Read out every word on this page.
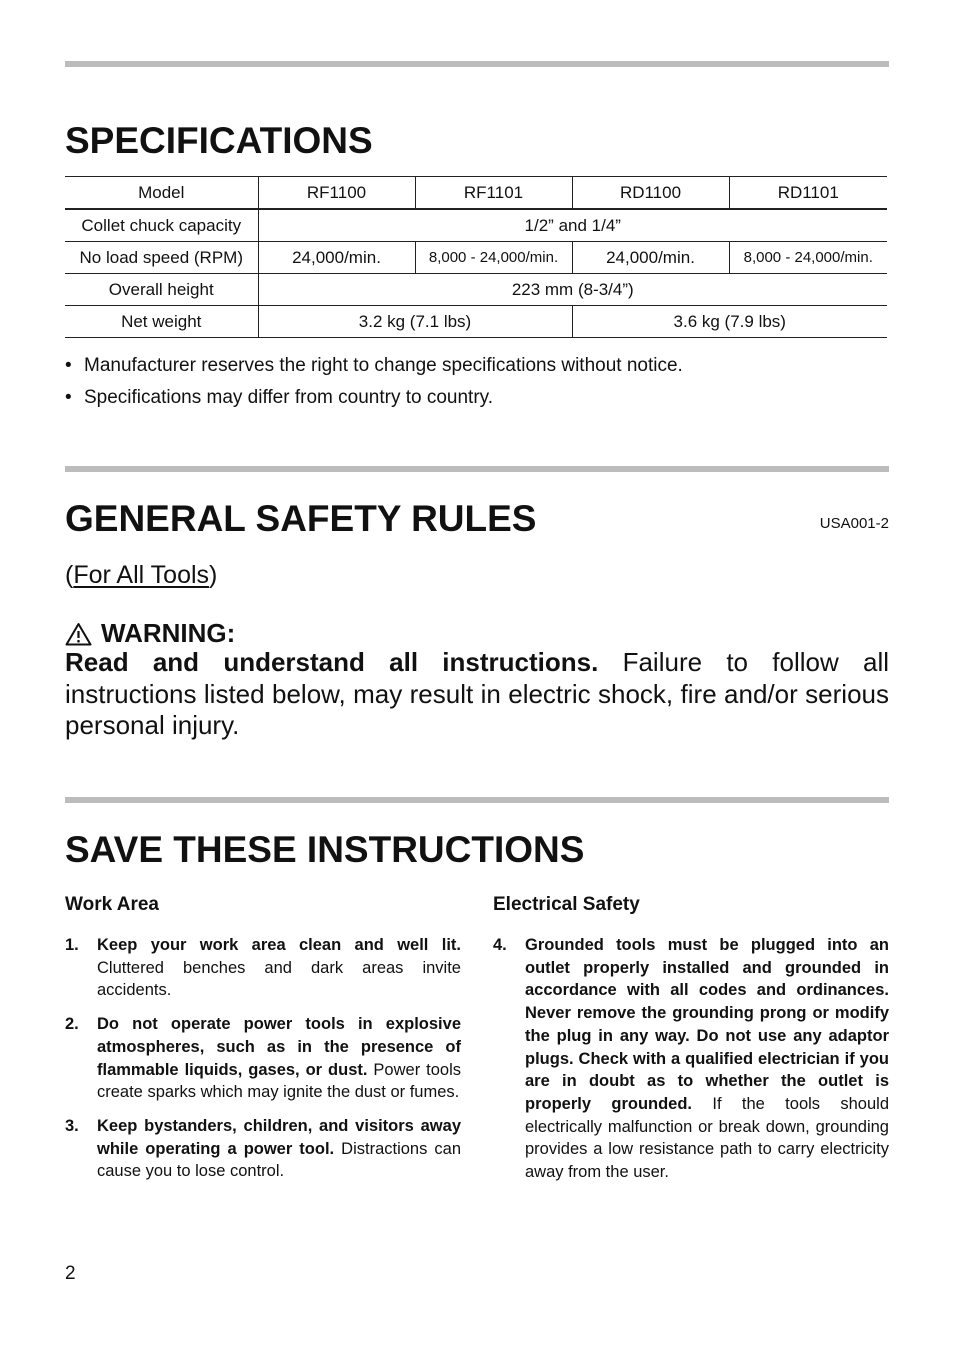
SPECIFICATIONS
Model	RF1100	RF1101	RD1100	RD1101
Collet chuck capacity	1/2” and 1/4”			
No load speed (RPM)	24,000/min.	8,000 - 24,000/min.	24,000/min.	8,000 - 24,000/min.
Overall height	223 mm (8-3/4”)			
Net weight	3.2 kg (7.1 lbs)		3.6 kg (7.9 lbs)	
• Manufacturer reserves the right to change specifications without notice.
• Specifications may differ from country to country.
GENERAL SAFETY RULES	USA001-2
(For All Tools)
WARNING:

Read and understand all instructions. Failure to follow all instructions listed below, may result in electric shock, fire and/or serious personal injury.

SAVE THESE INSTRUCTIONS
Work Area
1. Keep your work area clean and well lit. Cluttered benches and dark areas invite accidents.
2. Do not operate power tools in explosive atmospheres, such as in the presence of flammable liquids, gases, or dust. Power tools create sparks which may ignite the dust or fumes.
3. Keep bystanders, children, and visitors away while operating a power tool. Distractions can cause you to lose control.
Electrical Safety
4. Grounded tools must be plugged into an outlet properly installed and grounded in accordance with all codes and ordinances. Never remove the grounding prong or modify the plug in any way. Do not use any adaptor plugs. Check with a qualified electrician if you are in doubt as to whether the outlet is properly grounded. If the tools should electrically malfunction or break down, grounding provides a low resistance path to carry electricity away from the user.
2
